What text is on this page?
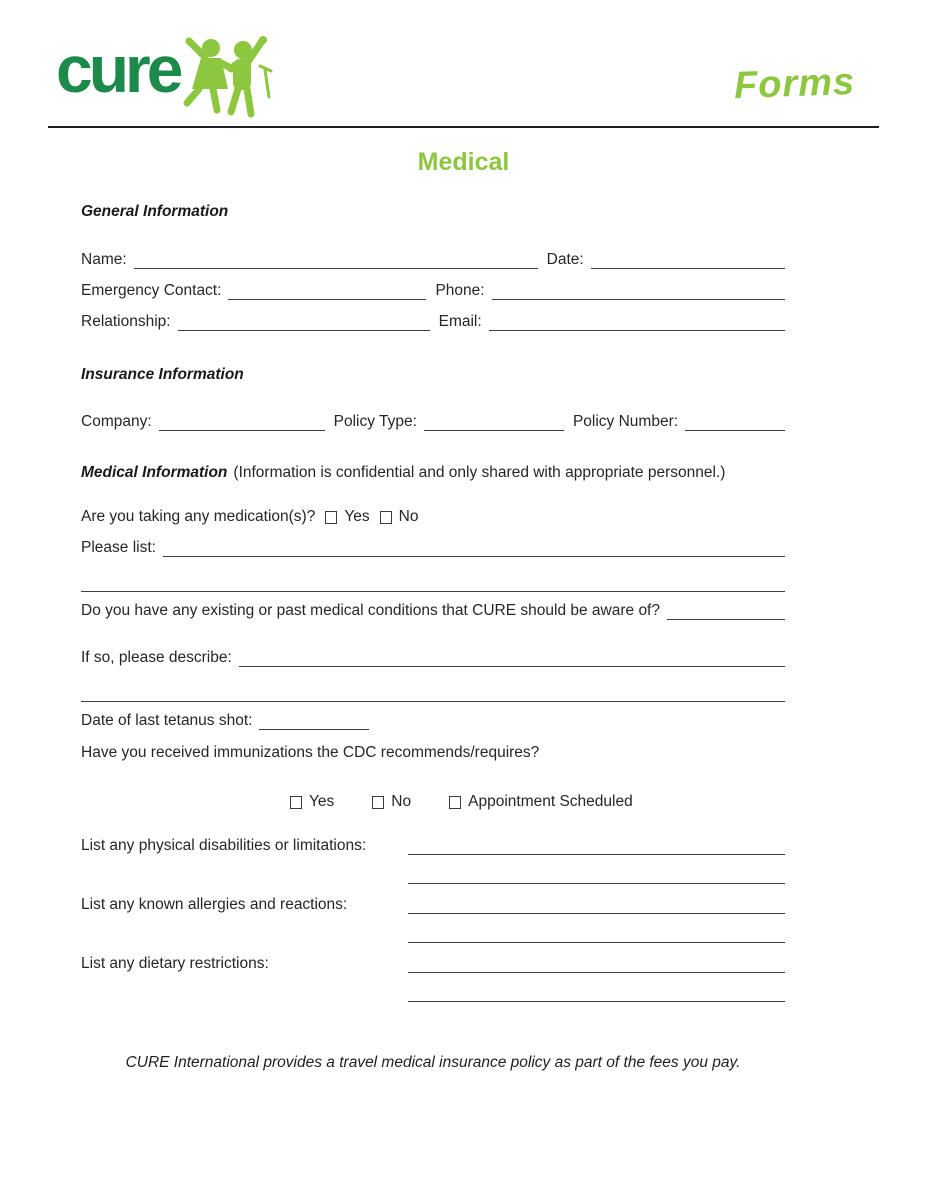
cure	Forms
Medical
General Information
Name:	Date:
Emergency Contact:	Phone:
Relationship:	Email:
Insurance Information
Company:	Policy Type:	Policy Number:
Medical Information (Information is confidential and only shared with appropriate personnel.)
Are you taking any medication(s)? Yes No
Please list:
Do you have any existing or past medical conditions that CURE should be aware of?
If so, please describe:
Date of last tetanus shot:
Have you received immunizations the CDC recommends/requires?
Yes	No	Appointment Scheduled
List any physical disabilities or limitations:
List any known allergies and reactions:
List any dietary restrictions:
CURE International provides a travel medical insurance policy as part of the fees you pay.
